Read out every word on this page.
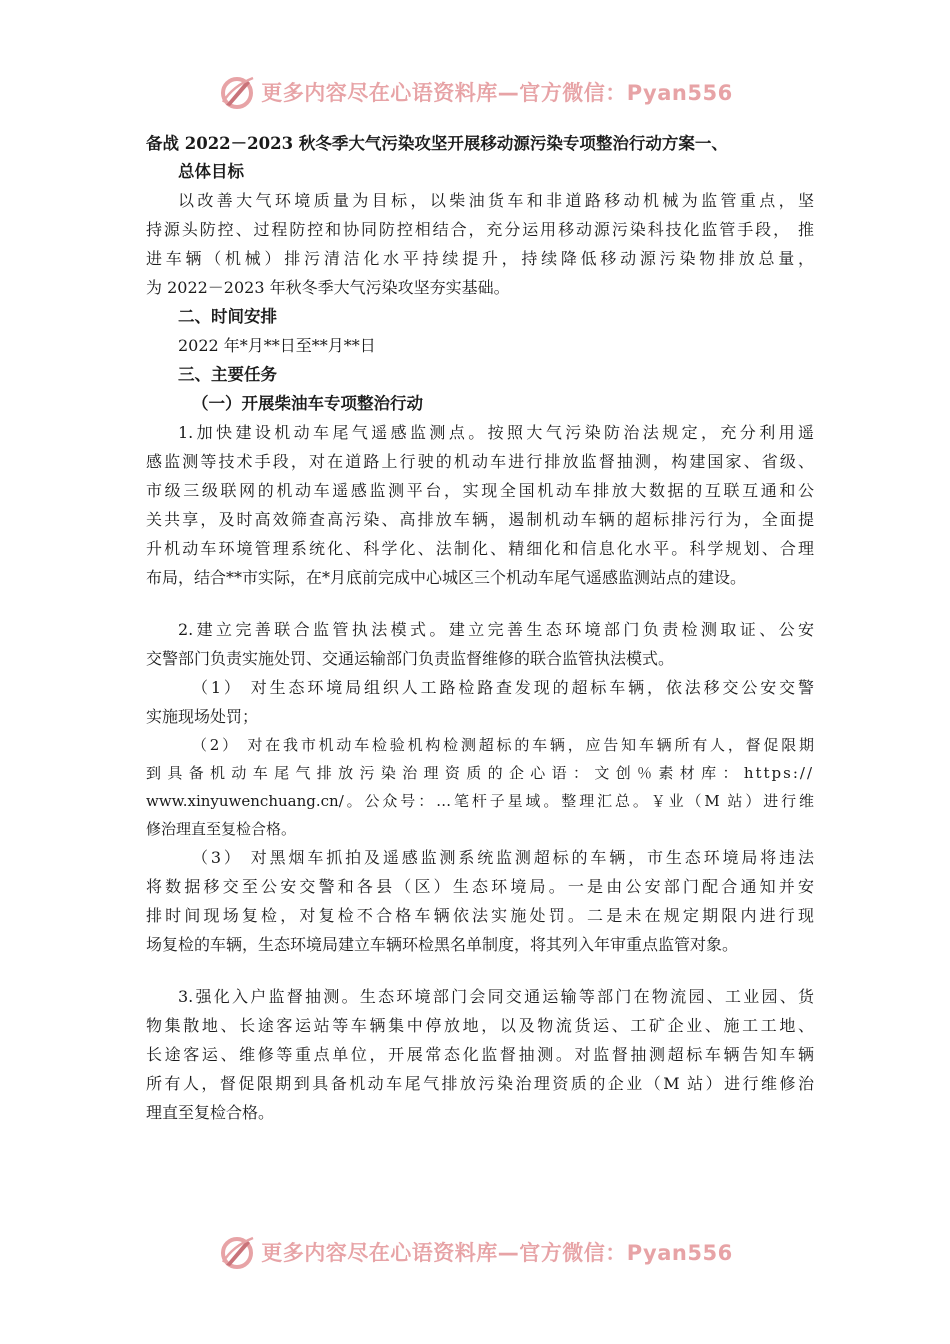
更多内容尽在心语资料库—官方微信：Pyan556

备战 2022－2023 秋冬季大气污染攻坚开展移动源污染专项整治行动方案一、

总体目标

以改善大气环境质量为目标，以柴油货车和非道路移动机械为监管重点，坚

持源头防控、过程防控和协同防控相结合，充分运用移动源污染科技化监管手段， 推

进车辆（机械）排污清洁化水平持续提升，持续降低移动源污染物排放总量，

为 2022－2023 年秋冬季大气污染攻坚夯实基础。

二、时间安排

2022 年*月**日至**月**日

三、主要任务

（一）开展柴油车专项整治行动

1.加快建设机动车尾气遥感监测点。按照大气污染防治法规定，充分利用遥

感监测等技术手段，对在道路上行驶的机动车进行排放监督抽测，构建国家、省级、

市级三级联网的机动车遥感监测平台，实现全国机动车排放大数据的互联互通和公

关共享，及时高效筛查高污染、高排放车辆，遏制机动车辆的超标排污行为，全面提

升机动车环境管理系统化、科学化、法制化、精细化和信息化水平。科学规划、合理

布局，结合**市实际，在*月底前完成中心城区三个机动车尾气遥感监测站点的建设。

2.建立完善联合监管执法模式。建立完善生态环境部门负责检测取证、公安

交警部门负责实施处罚、交通运输部门负责监督维修的联合监管执法模式。

（1） 对生态环境局组织人工路检路查发现的超标车辆，依法移交公安交警

实施现场处罚；

（2） 对在我市机动车检验机构检测超标的车辆，应告知车辆所有人，督促限期

到具备机动车尾气排放污染治理资质的企心语：文创％素材库：https://

www.xinyuwenchuang.cn/。公众号：…笔杆子星域。整理汇总。￥业（M 站）进行维

修治理直至复检合格。

（3） 对黑烟车抓拍及遥感监测系统监测超标的车辆，市生态环境局将违法

将数据移交至公安交警和各县（区）生态环境局。一是由公安部门配合通知并安

排时间现场复检，对复检不合格车辆依法实施处罚。二是未在规定期限内进行现

场复检的车辆，生态环境局建立车辆环检黑名单制度，将其列入年审重点监管对象。

3.强化入户监督抽测。生态环境部门会同交通运输等部门在物流园、工业园、货

物集散地、长途客运站等车辆集中停放地，以及物流货运、工矿企业、施工工地、

长途客运、维修等重点单位，开展常态化监督抽测。对监督抽测超标车辆告知车辆

所有人，督促限期到具备机动车尾气排放污染治理资质的企业（M 站）进行维修治

理直至复检合格。

更多内容尽在心语资料库—官方微信：Pyan556
